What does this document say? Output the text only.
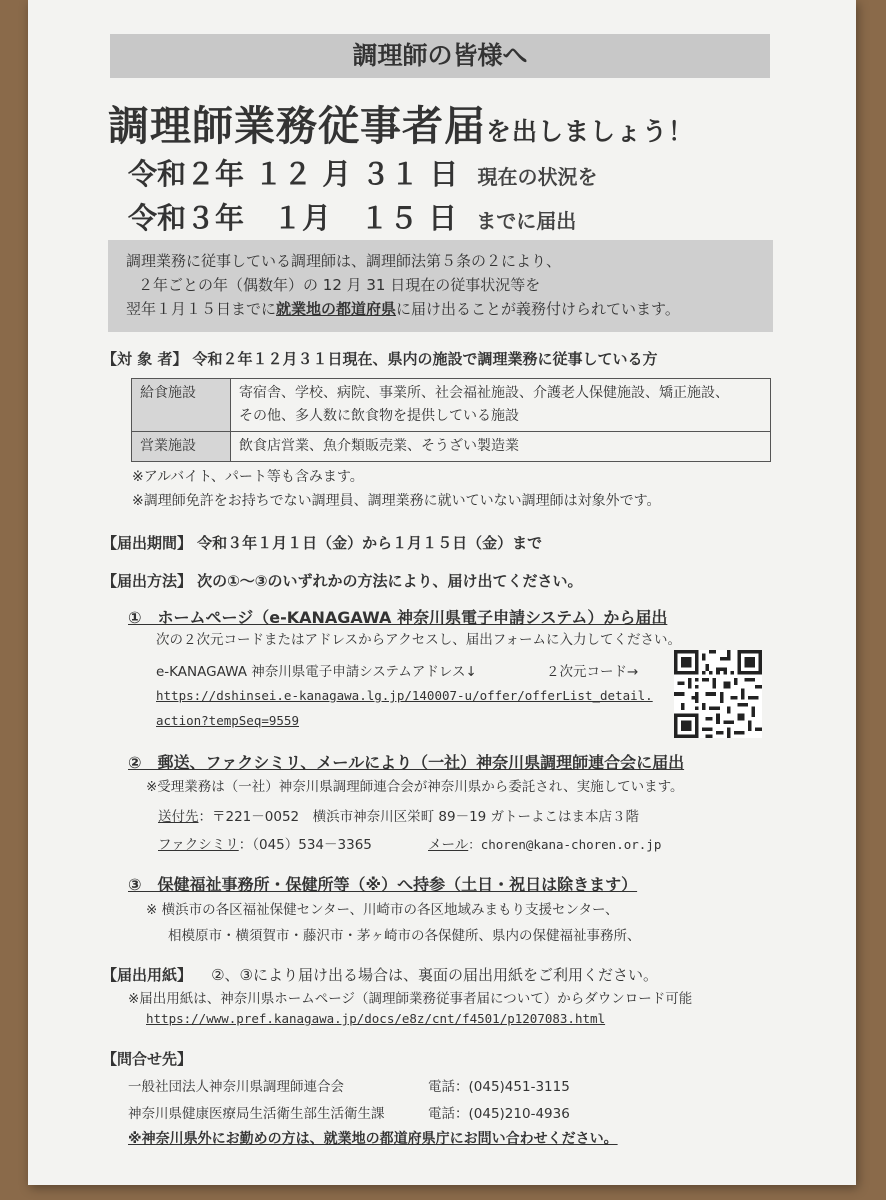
調理師の皆様へ
調理師業務従事者届を出しましょう！
令和２年 １２ 月 ３１ 日 現在の状況を
令和３年　１月　１５ 日 までに届出
調理業務に従事している調理師は、調理師法第５条の２により、
２年ごとの年（偶数年）の 12 月 31 日現在の従事状況等を
翌年１月１５日までに就業地の都道府県に届け出ることが義務付けられています。
【対 象 者】 令和２年１２月３１日現在、県内の施設で調理業務に従事している方
給食施設	寄宿舎、学校、病院、事業所、社会福祉施設、介護老人保健施設、矯正施設、
その他、多人数に飲食物を提供している施設

営業施設	飲食店営業、魚介類販売業、そうざい製造業
※アルバイト、パート等も含みます。
※調理師免許をお持ちでない調理員、調理業務に就いていない調理師は対象外です。
【届出期間】 令和３年１月１日（金）から１月１５日（金）まで
【届出方法】 次の①～③のいずれかの方法により、届け出てください。
①　ホームページ（e-KANAGAWA 神奈川県電子申請システム）から届出
次の２次元コードまたはアドレスからアクセスし、届出フォームに入力してください。
e-KANAGAWA 神奈川県電子申請システムアドレス↓	２次元コード→
https://dshinsei.e-kanagawa.lg.jp/140007-u/offer/offerList_detail.
action?tempSeq=9559
②　郵送、ファクシミリ、メールにより（一社）神奈川県調理師連合会に届出
※受理業務は（一社）神奈川県調理師連合会が神奈川県から委託され、実施しています。
送付先：〒221－0052　横浜市神奈川区栄町 89－19 ガトーよこはま本店３階
ファクシミリ：（045）534－3365	メール：choren@kana-choren.or.jp
③　保健福祉事務所・保健所等（※）へ持参（土日・祝日は除きます）
※ 横浜市の各区福祉保健センター、川崎市の各区地域みまもり支援センター、
相模原市・横須賀市・藤沢市・茅ヶ崎市の各保健所、県内の保健福祉事務所、
【届出用紙】 ②、③により届け出る場合は、裏面の届出用紙をご利用ください。
※届出用紙は、神奈川県ホームページ（調理師業務従事者届について）からダウンロード可能
https://www.pref.kanagawa.jp/docs/e8z/cnt/f4501/p1207083.html
【問合せ先】
一般社団法人神奈川県調理師連合会	電話：(045)451-3115
神奈川県健康医療局生活衛生部生活衛生課	電話：(045)210-4936
※神奈川県外にお勤めの方は、就業地の都道府県庁にお問い合わせください。
